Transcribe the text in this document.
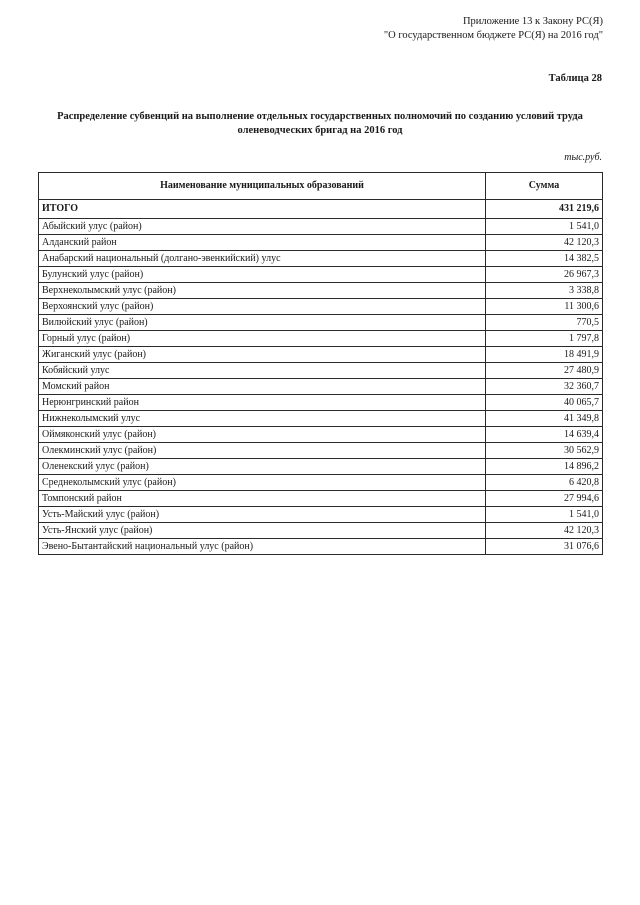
Приложение 13 к Закону РС(Я)
"О государственном бюджете РС(Я) на 2016 год"
Таблица 28
Распределение субвенций на выполнение отдельных государственных полномочий по созданию условий труда
оленеводческих бригад на 2016 год
тыс.руб.
Наименование муниципальных образований	Сумма
ИТОГО	431 219,6
Абыйский улус (район)	1 541,0
Алданский район	42 120,3
Анабарский национальный (долгано-эвенкийский) улус	14 382,5
Булунский улус (район)	26 967,3
Верхнеколымский улус (район)	3 338,8
Верхоянский улус (район)	11 300,6
Вилюйский улус (район)	770,5
Горный улус (район)	1 797,8
Жиганский улус (район)	18 491,9
Кобяйский улус	27 480,9
Момский район	32 360,7
Нерюнгринский район	40 065,7
Нижнеколымский улус	41 349,8
Оймяконский улус (район)	14 639,4
Олекминский улус (район)	30 562,9
Оленекский улус (район)	14 896,2
Среднеколымский улус (район)	6 420,8
Томпонский район	27 994,6
Усть-Майский улус (район)	1 541,0
Усть-Янский улус (район)	42 120,3
Эвено-Бытантайский национальный улус (район)	31 076,6
